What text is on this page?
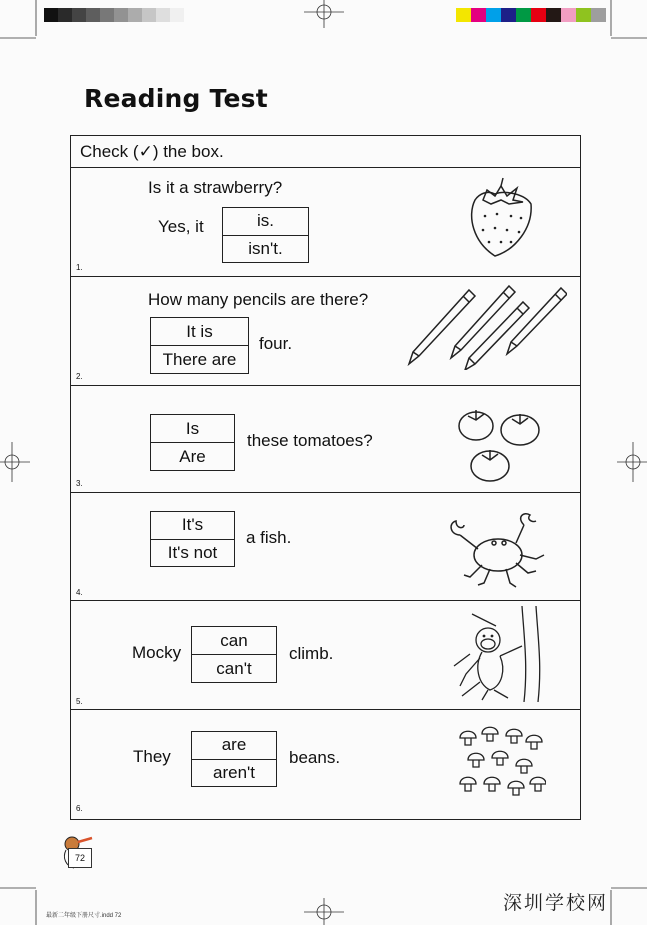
Reading Test
Check (✓) the box.
1.
Is it a strawberry?
Yes, it	is.
isn't.
2.
How many pencils are there?
It is
There are
four.
3.
Is
Are
these tomatoes?
4.
It's
It's not
a fish.
5.
Mocky
can
can't
climb.
6.
They
are
aren't
beans.
72
深圳学校网
最新二年级下册尺寸.indd 72
